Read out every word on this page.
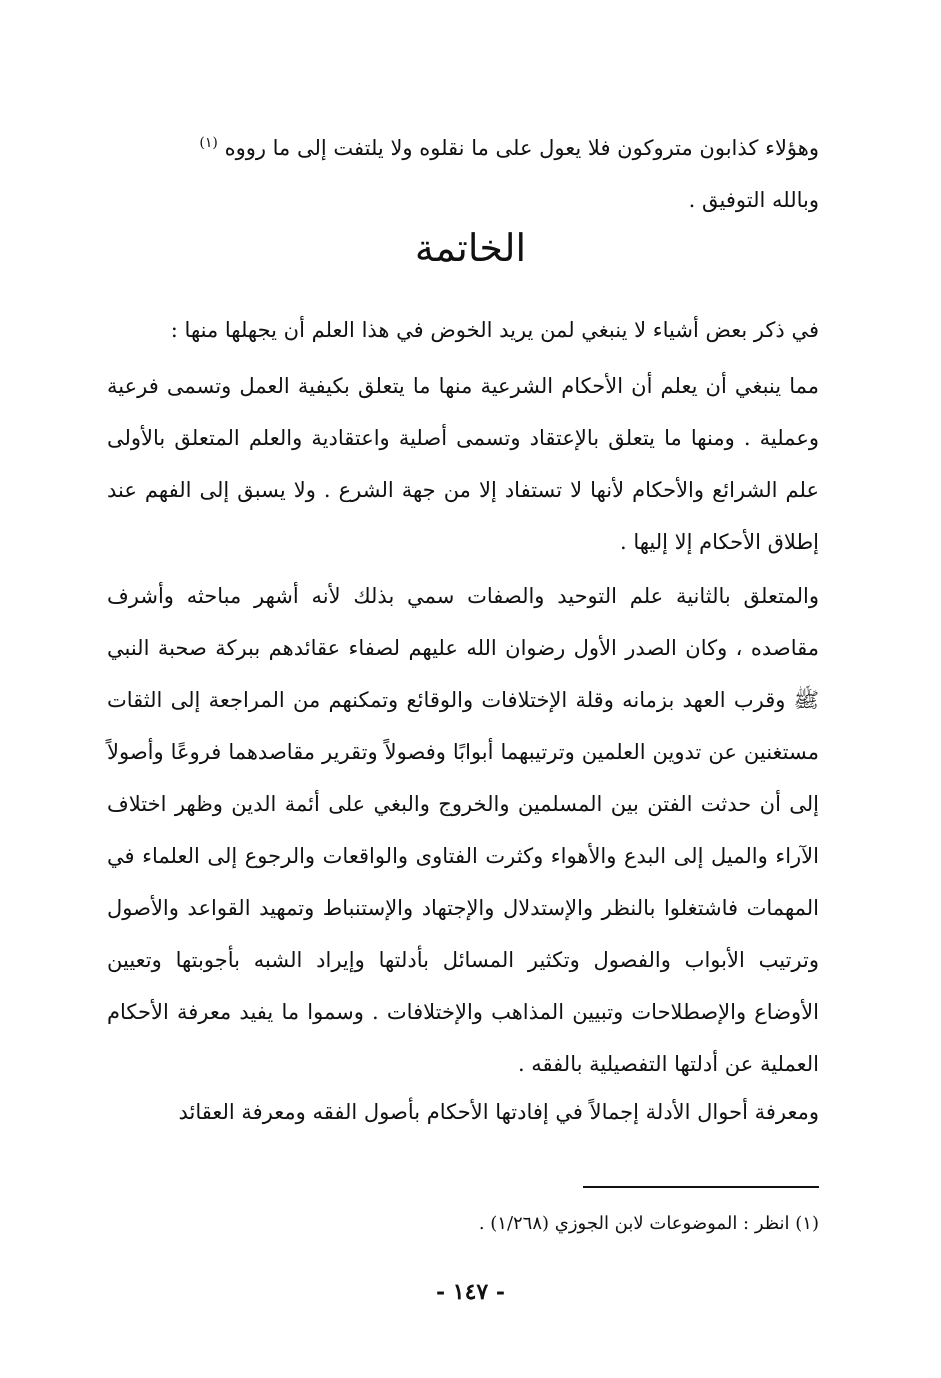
وهؤلاء كذابون متروكون فلا يعول على ما نقلوه ولا يلتفت إلى ما رووه $^{(١)}$
وبالله التوفيق .

الخاتمة

في ذكر بعض أشياء لا ينبغي لمن يريد الخوض في هذا العلم أن يجهلها منها :

مما ينبغي أن يعلم أن الأحكام الشرعية منها ما يتعلق بكيفية العمل وتسمى فرعية وعملية . ومنها ما يتعلق بالإعتقاد وتسمى أصلية واعتقادية والعلم المتعلق بالأولى علم الشرائع والأحكام لأنها لا تستفاد إلا من جهة الشرع . ولا يسبق إلى الفهم عند إطلاق الأحكام إلا إليها .

والمتعلق بالثانية علم التوحيد والصفات سمي بذلك لأنه أشهر مباحثه وأشرف مقاصده ، وكان الصدر الأول رضوان الله عليهم لصفاء عقائدهم ببركة صحبة النبي ﷺ وقرب العهد بزمانه وقلة الإختلافات والوقائع وتمكنهم من المراجعة إلى الثقات مستغنين عن تدوين العلمين وترتيبهما أبوابًا وفصولاً وتقرير مقاصدهما فروعًا وأصولاً إلى أن حدثت الفتن بين المسلمين والخروج والبغي على أئمة الدين وظهر اختلاف الآراء والميل إلى البدع والأهواء وكثرت الفتاوى والواقعات والرجوع إلى العلماء في المهمات فاشتغلوا بالنظر والإستدلال والإجتهاد والإستنباط وتمهيد القواعد والأصول وترتيب الأبواب والفصول وتكثير المسائل بأدلتها وإيراد الشبه بأجوبتها وتعيين الأوضاع والإصطلاحات وتبيين المذاهب والإختلافات . وسموا ما يفيد معرفة الأحكام العملية عن أدلتها التفصيلية بالفقه .

ومعرفة أحوال الأدلة إجمالاً في إفادتها الأحكام بأصول الفقه ومعرفة العقائد

(١) انظر : الموضوعات لابن الجوزي (١/٢٦٨) .
- ١٤٧ -
